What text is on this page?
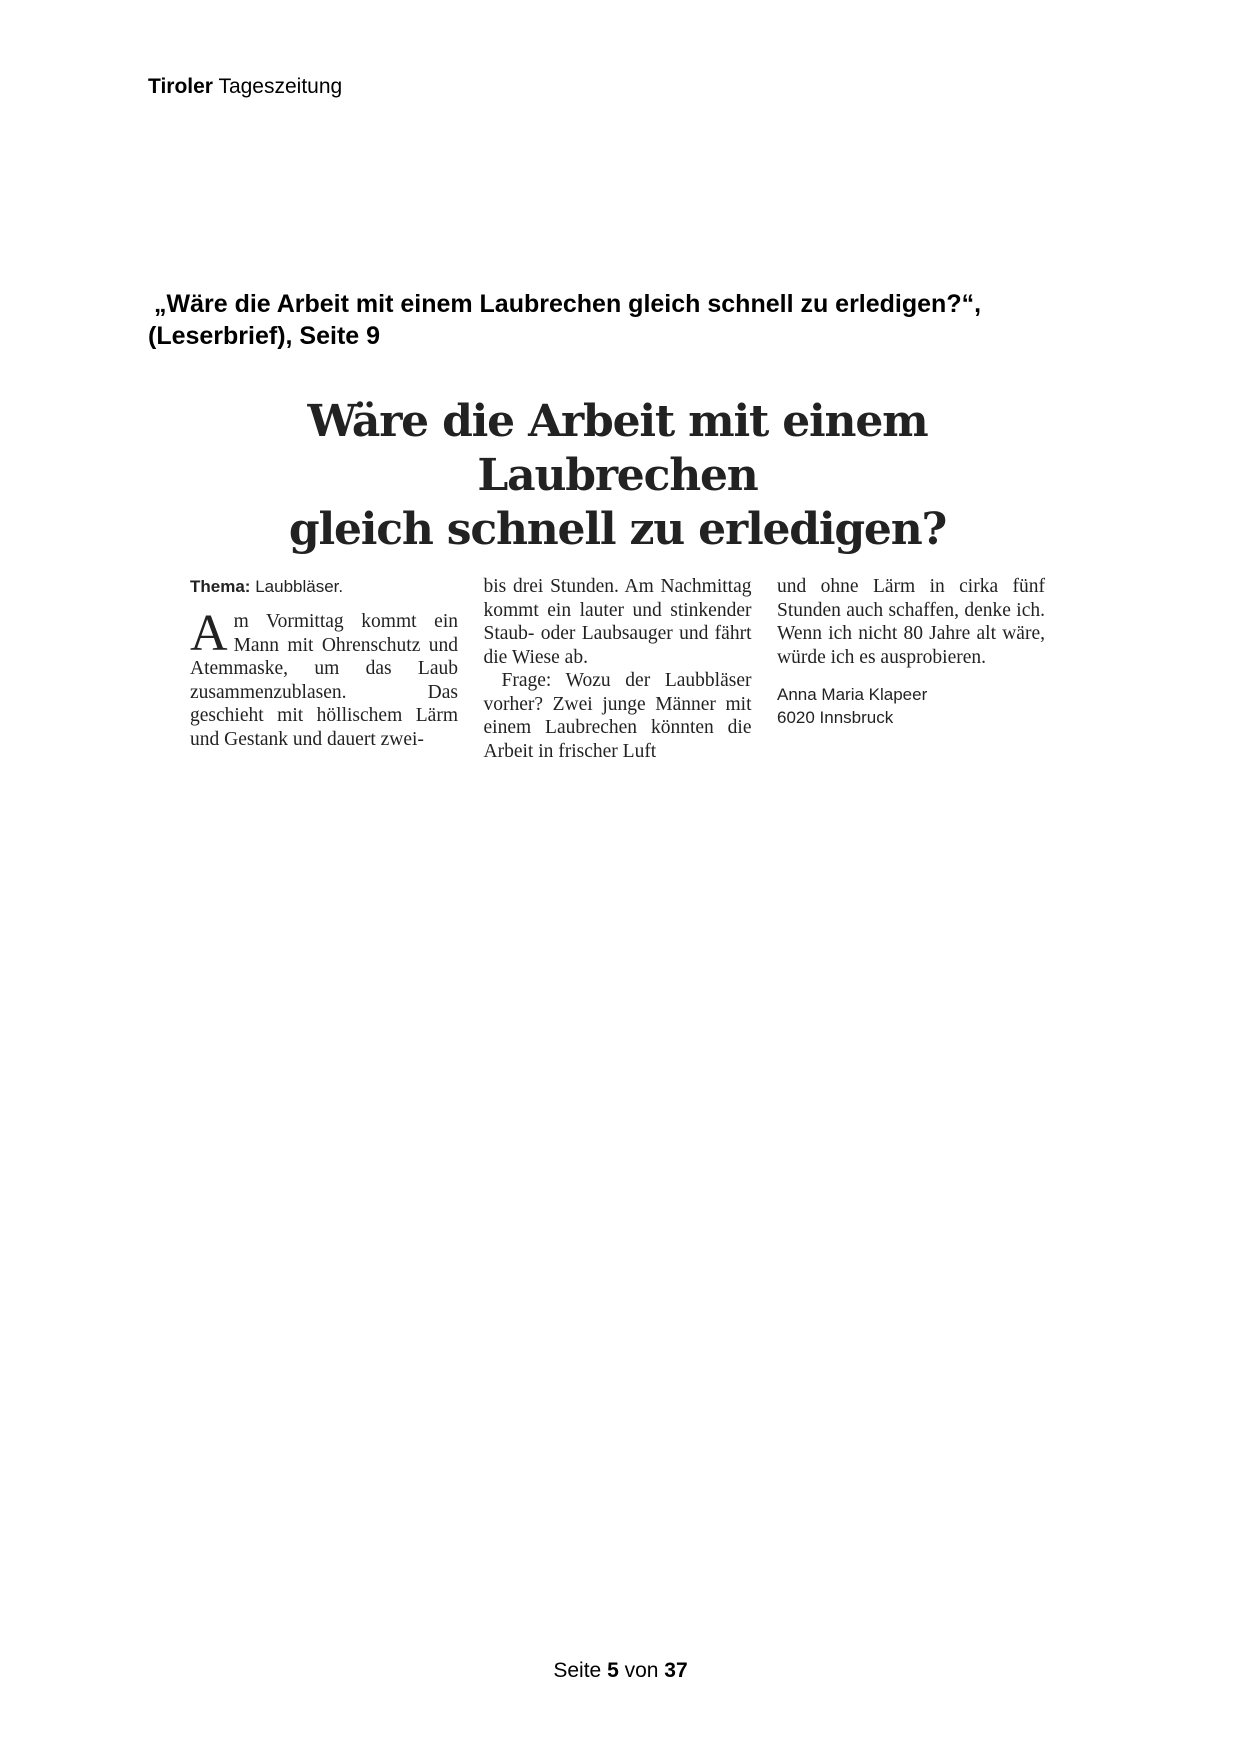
Tiroler Tageszeitung
„Wäre die Arbeit mit einem Laubrechen gleich schnell zu erledigen?“,
(Leserbrief), Seite 9
Wäre die Arbeit mit einem Laubrechen
gleich schnell zu erledigen?

Thema: Laubbläser.

Am Vormittag kommt ein Mann mit Ohrenschutz und Atemmaske, um das Laub zusammenzublasen. Das geschieht mit höllischem Lärm und Gestank und dauert zwei-

bis drei Stunden. Am Nachmittag kommt ein lauter und stinkender Staub- oder Laubsauger und fährt die Wiese ab.

Frage: Wozu der Laubbläser vorher? Zwei junge Männer mit einem Laubrechen könnten die Arbeit in frischer Luft

und ohne Lärm in cirka fünf Stunden auch schaffen, denke ich. Wenn ich nicht 80 Jahre alt wäre, würde ich es ausprobieren.

Anna Maria Klapeer
6020 Innsbruck

Seite 5 von 37
